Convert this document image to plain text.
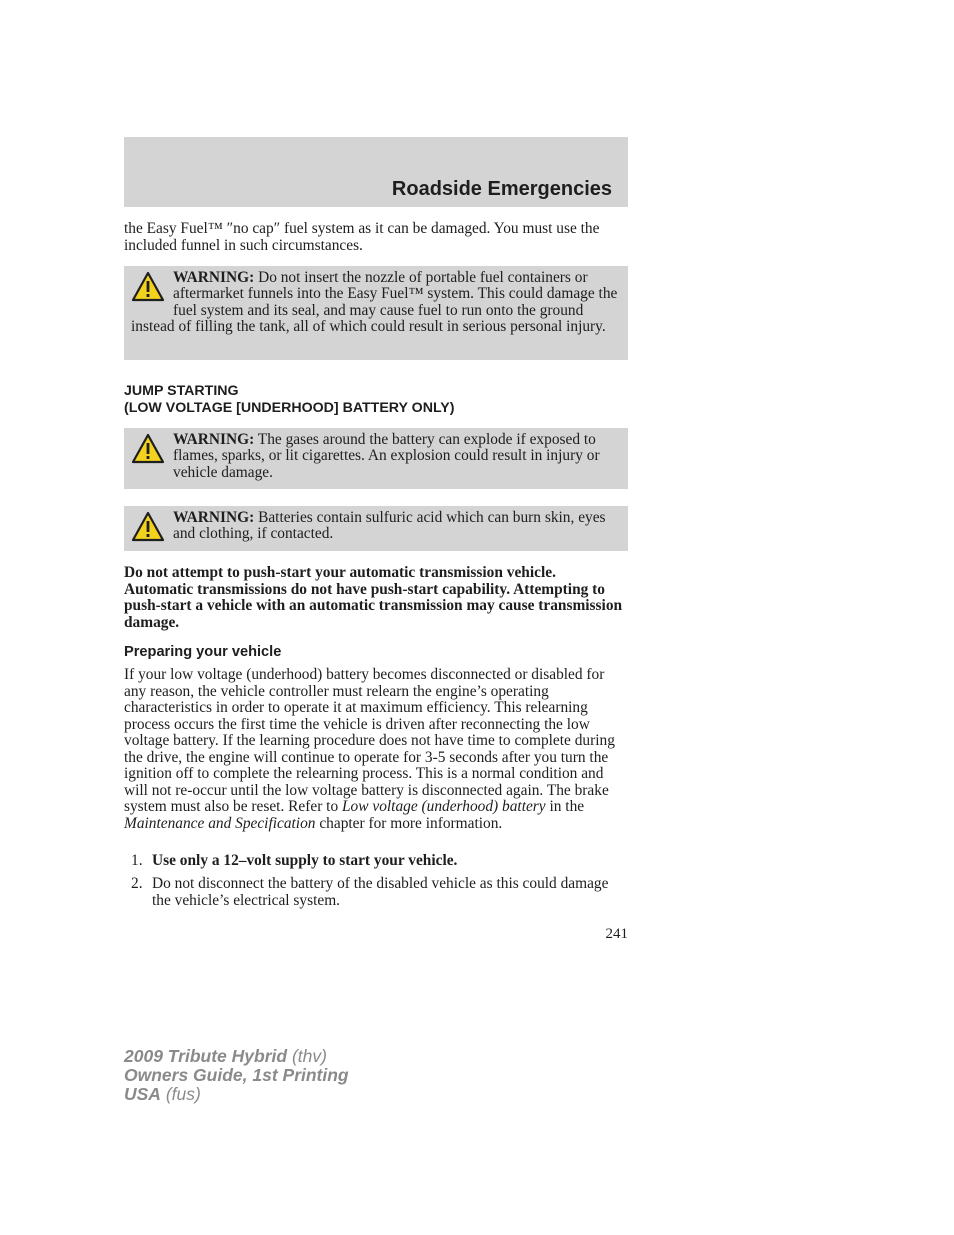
Roadside Emergencies

the Easy Fuel™ ″no cap″ fuel system as it can be damaged. You must use the included funnel in such circumstances.

WARNING: Do not insert the nozzle of portable fuel containers or aftermarket funnels into the Easy Fuel™ system. This could damage the fuel system and its seal, and may cause fuel to run onto the ground instead of filling the tank, all of which could result in serious personal injury.
JUMP STARTING
(LOW VOLTAGE [UNDERHOOD] BATTERY ONLY)
WARNING: The gases around the battery can explode if exposed to flames, sparks, or lit cigarettes. An explosion could result in injury or vehicle damage.
WARNING: Batteries contain sulfuric acid which can burn skin, eyes and clothing, if contacted.

Do not attempt to push-start your automatic transmission vehicle. Automatic transmissions do not have push-start capability. Attempting to push-start a vehicle with an automatic transmission may cause transmission damage.

Preparing your vehicle

If your low voltage (underhood) battery becomes disconnected or disabled for any reason, the vehicle controller must relearn the engine’s operating characteristics in order to operate it at maximum efficiency. This relearning process occurs the first time the vehicle is driven after reconnecting the low voltage battery. If the learning procedure does not have time to complete during the drive, the engine will continue to operate for 3-5 seconds after you turn the ignition off to complete the relearning process. This is a normal condition and will not re-occur until the low voltage battery is disconnected again. The brake system must also be reset. Refer to Low voltage (underhood) battery in the Maintenance and Specification chapter for more information.

1. Use only a 12–volt supply to start your vehicle.
2. Do not disconnect the battery of the disabled vehicle as this could damage the vehicle’s electrical system.
241
2009 Tribute Hybrid (thv)
Owners Guide, 1st Printing
USA (fus)
